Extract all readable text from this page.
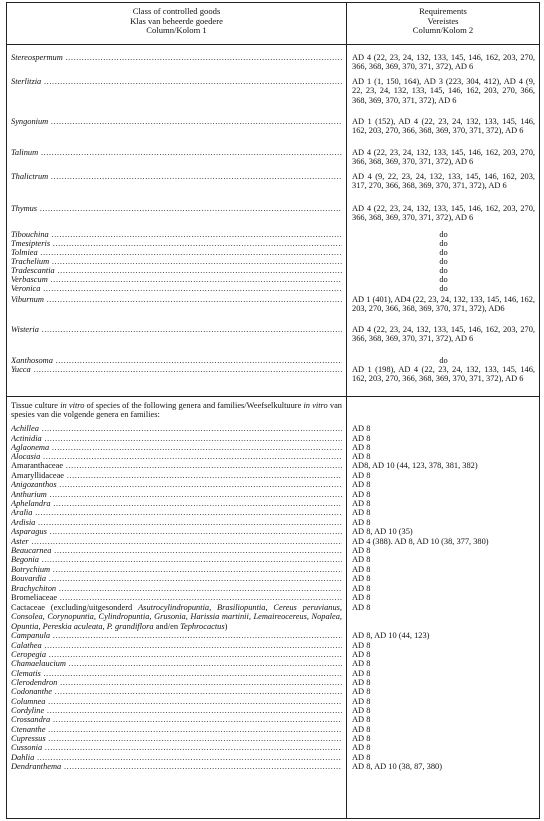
Class of controlled goods
Klas van beheerde goedere
Column/Kolom 1
Requirements
Vereistes
Column/Kolom 2
Stereospermum .....	AD 4 (22, 23, 24, 132, 133, 145, 146, 162, 203, 270, 366, 368, 369, 370, 371, 372), AD 6
Sterlitzia .....	AD 1 (1, 150, 164), AD 3 (223, 304, 412), AD 4 (9, 22, 23, 24, 132, 133, 145, 146, 162, 203, 270, 366, 368, 369, 370, 371, 372), AD 6
Syngonium .....	AD 1 (152), AD 4 (22, 23, 24, 132, 133, 145, 146, 162, 203, 270, 366, 368, 369, 370, 371, 372), AD 6
Talinum .....	AD 4 (22, 23, 24, 132, 133, 145, 146, 162, 203, 270, 366, 368, 369, 370, 371, 372), AD 6
Thalictrum .....	AD 4 (9, 22, 23, 24, 132, 133, 145, 146, 162, 203, 317, 270, 366, 368, 369, 370, 371, 372), AD 6
Thymus .....	AD 4 (22, 23, 24, 132, 133, 145, 146, 162, 203, 270, 366, 368, 369, 370, 371, 372), AD 6
Tibouchina .....	do
Tmesipteris .....	do
Tolmiea .....	do
Trachelium .....	do
Tradescantia .....	do
Verbascum .....	do
Veronica .....	do
Viburnum .....	AD 1 (401), AD4 (22, 23, 24, 132, 133, 145, 146, 162, 203, 270, 366, 368, 369, 370, 371, 372), AD6
Wisteria .....	AD 4 (22, 23, 24, 132, 133, 145, 146, 162, 203, 270, 366, 368, 369, 370, 371, 372), AD 6
Xanthosoma .....	do
Yucca .....	AD 1 (198), AD 4 (22, 23, 24, 132, 133, 145, 146, 162, 203, 270, 366, 368, 369, 370, 371, 372), AD 6
Tissue culture in vitro of species of the following genera and families/Weefselkultuure in vitro van spesies van die volgende genera en families:
Achillea .....	AD 8
Actinidia .....	AD 8
Aglaonema .....	AD 8
Alocasia .....	AD 8
Amaranthaceae .....	AD8, AD 10 (44, 123, 378, 381, 382)
Amaryllidaceae .....	AD 8
Anigozanthos .....	AD 8
Anthurium .....	AD 8
Aphelandra .....	AD 8
Aralia .....	AD 8
Ardisia .....	AD 8
Asparagus .....	AD 8, AD 10 (35)
Aster .....	AD 4 (388). AD 8, AD 10 (38, 377, 380)
Beaucarnea .....	AD 8
Begonia .....	AD 8
Botrychium .....	AD 8
Bouvardia .....	AD 8
Brachychiton .....	AD 8
Bromeliaceae .....	AD 8
Cactaceae (excluding/uitgesonderd Asutrocylindropuntia, Brasiliopuntia, Cereus peruvianus, Consolea, Corynopuntia, Cylindropuntia, Grusonia, Harissia martinii, Lemaireocereus, Nopalea, Opuntia, Pereskia aculeata, P. grandiflora and/en Tephrocactus)
AD 8
Campanula .....	AD 8, AD 10 (44, 123)
Calathea .....	AD 8
Ceropegia .....	AD 8
Chamaelaucium .....	AD 8
Clematis .....	AD 8
Clerodendron .....	AD 8
Codonanthe .....	AD 8
Columnea .....	AD 8
Cordyline .....	AD 8
Crossandra .....	AD 8
Ctenanthe .....	AD 8
Cupressus .....	AD 8
Cussonia .....	AD 8
Dahlia .....	AD 8
Dendranthema .....	AD 8, AD 10 (38, 87, 380)
